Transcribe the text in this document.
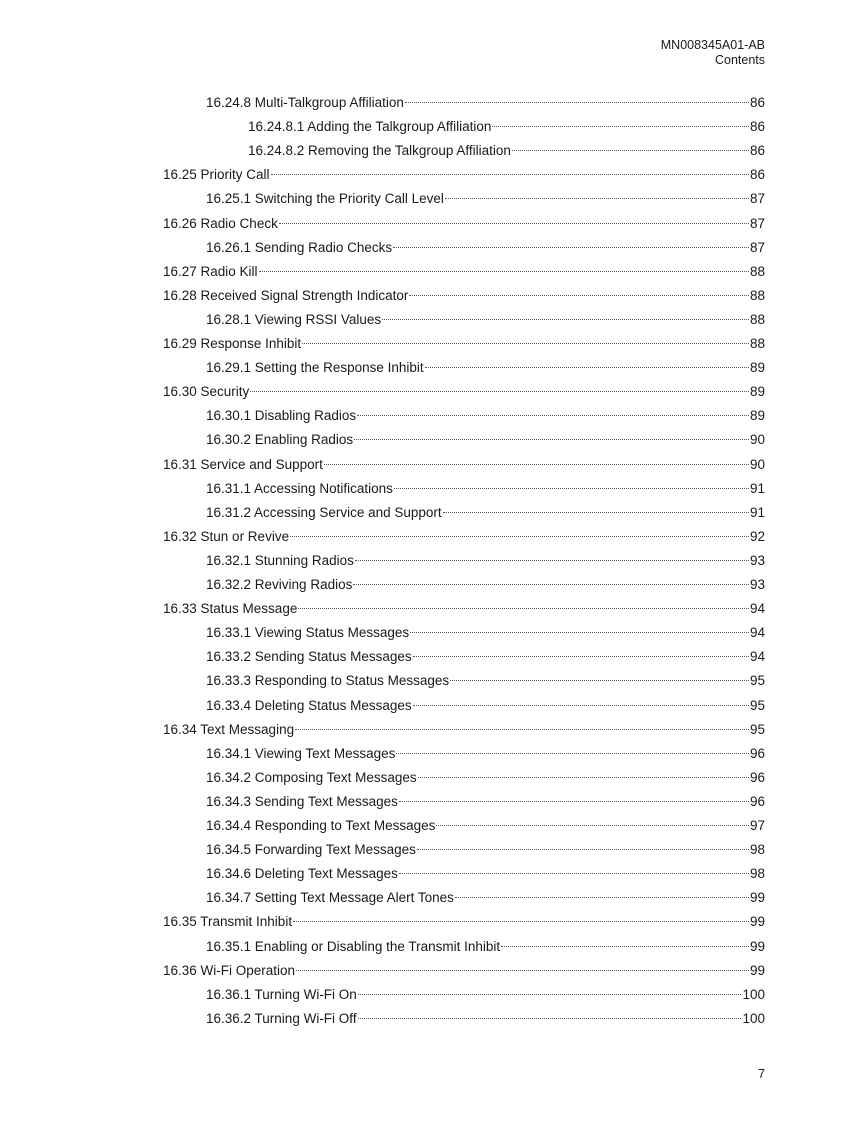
MN008345A01-AB
Contents
16.24.8 Multi-Talkgroup Affiliation	86
16.24.8.1 Adding the Talkgroup Affiliation	86
16.24.8.2 Removing the Talkgroup Affiliation	86
16.25 Priority Call	86
16.25.1 Switching the Priority Call Level	87
16.26 Radio Check	87
16.26.1 Sending Radio Checks	87
16.27 Radio Kill	88
16.28 Received Signal Strength Indicator	88
16.28.1 Viewing RSSI Values	88
16.29 Response Inhibit	88
16.29.1 Setting the Response Inhibit	89
16.30 Security	89
16.30.1 Disabling Radios	89
16.30.2 Enabling Radios	90
16.31 Service and Support	90
16.31.1 Accessing Notifications	91
16.31.2 Accessing Service and Support	91
16.32 Stun or Revive	92
16.32.1 Stunning Radios	93
16.32.2 Reviving Radios	93
16.33 Status Message	94
16.33.1 Viewing Status Messages	94
16.33.2 Sending Status Messages	94
16.33.3 Responding to Status Messages	95
16.33.4 Deleting Status Messages	95
16.34 Text Messaging	95
16.34.1 Viewing Text Messages	96
16.34.2 Composing Text Messages	96
16.34.3 Sending Text Messages	96
16.34.4 Responding to Text Messages	97
16.34.5 Forwarding Text Messages	98
16.34.6 Deleting Text Messages	98
16.34.7 Setting Text Message Alert Tones	99
16.35 Transmit Inhibit	99
16.35.1 Enabling or Disabling the Transmit Inhibit	99
16.36 Wi-Fi Operation	99
16.36.1 Turning Wi-Fi On	100
16.36.2 Turning Wi-Fi Off	100
7
